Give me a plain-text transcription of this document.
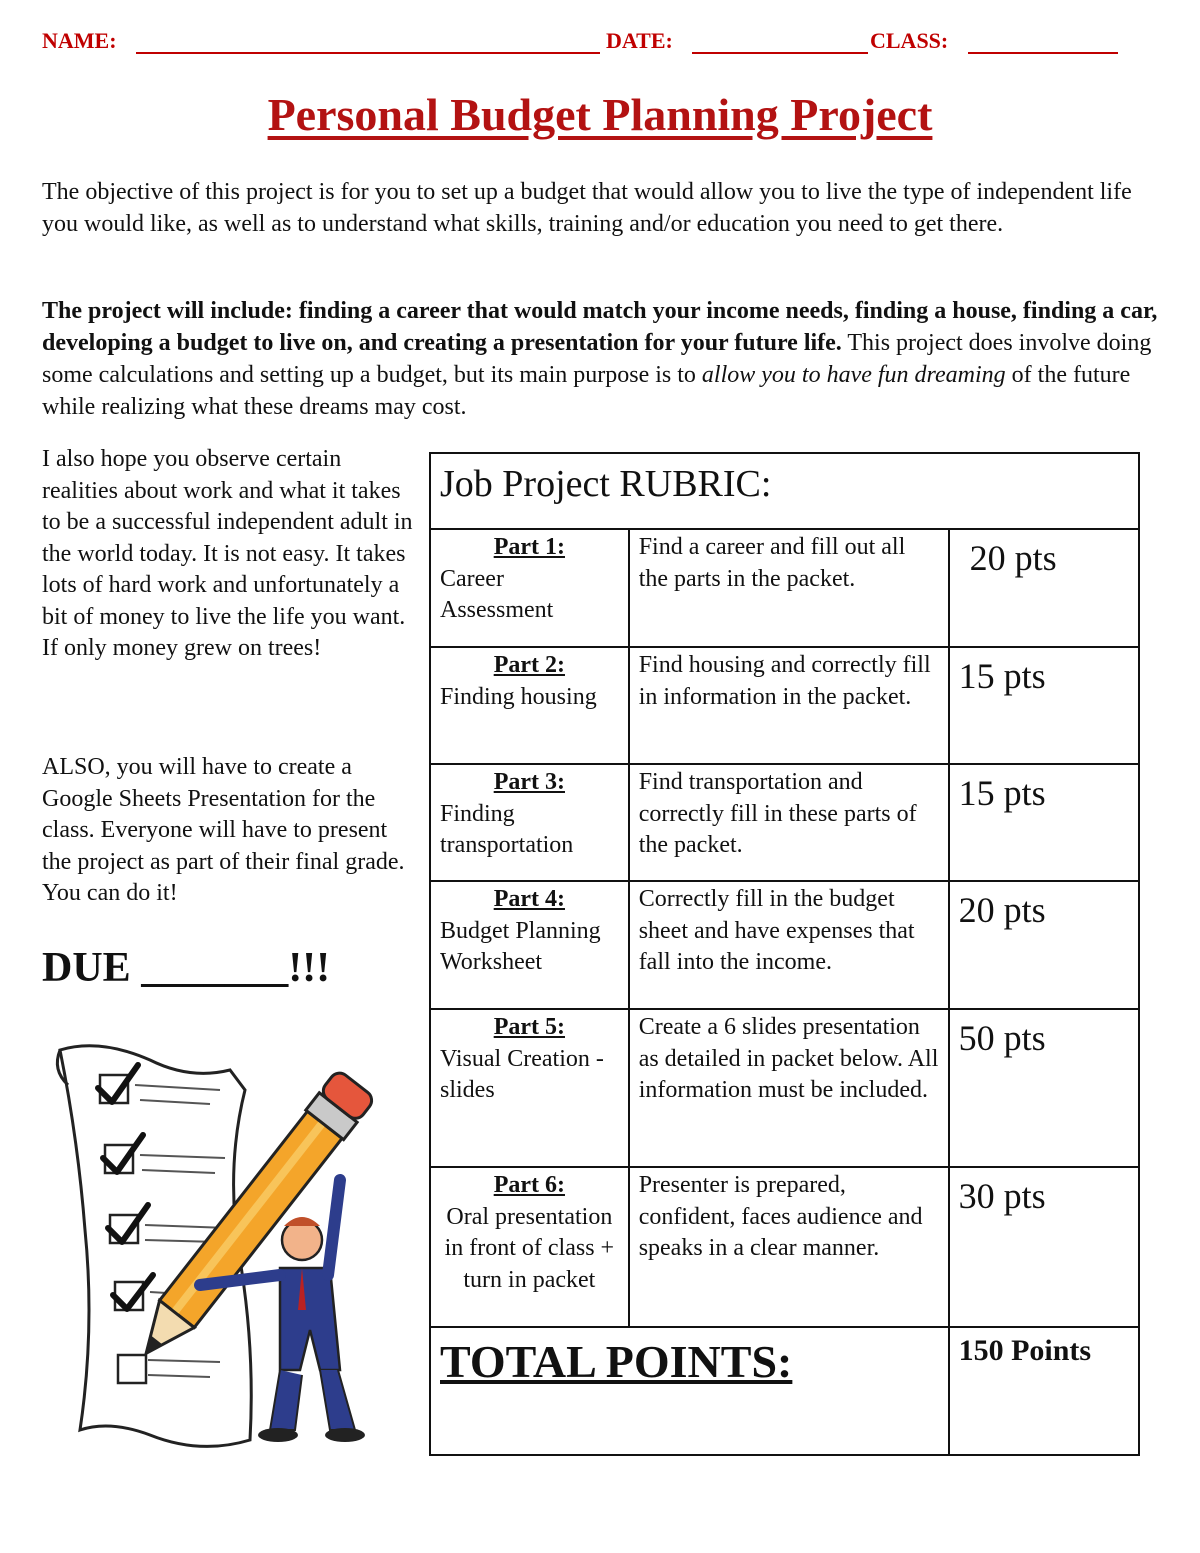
NAME:	DATE:	CLASS:
Personal Budget Planning Project
The objective of this project is for you to set up a budget that would allow you to live the type of independent life you would like, as well as to understand what skills, training and/or education you need to get there.
The project will include: finding a career that would match your income needs, finding a house, finding a car, developing a budget to live on, and creating a presentation for your future life. This project does involve doing some calculations and setting up a budget, but its main purpose is to allow you to have fun dreaming of the future while realizing what these dreams may cost.
I also hope you observe certain realities about work and what it takes to be a successful independent adult in the world today. It is not easy. It takes lots of hard work and unfortunately a bit of money to live the life you want. If only money grew on trees!
ALSO, you will have to create a Google Sheets Presentation for the class. Everyone will have to present the project as part of their final grade. You can do it!
DUE _______!!!
Job Project RUBRIC:		

Part 1:
Career Assessment	Find a career and fill out all the parts in the packet.	20 pts

Part 2:
Finding housing	Find housing and correctly fill in information in the packet.	15 pts

Part 3:
Finding transportation	Find transportation and correctly fill in these parts of the packet.	15 pts

Part 4:
Budget Planning Worksheet	Correctly fill in the budget sheet and have expenses that fall into the income.	20 pts

Part 5:
Visual Creation - slides	Create a 6 slides presentation as detailed in packet below. All information must be included.	50 pts

Part 6:
Oral presentation in front of class + turn in packet	Presenter is prepared, confident, faces audience and speaks in a clear manner.	30 pts
TOTAL POINTS:		150 Points
